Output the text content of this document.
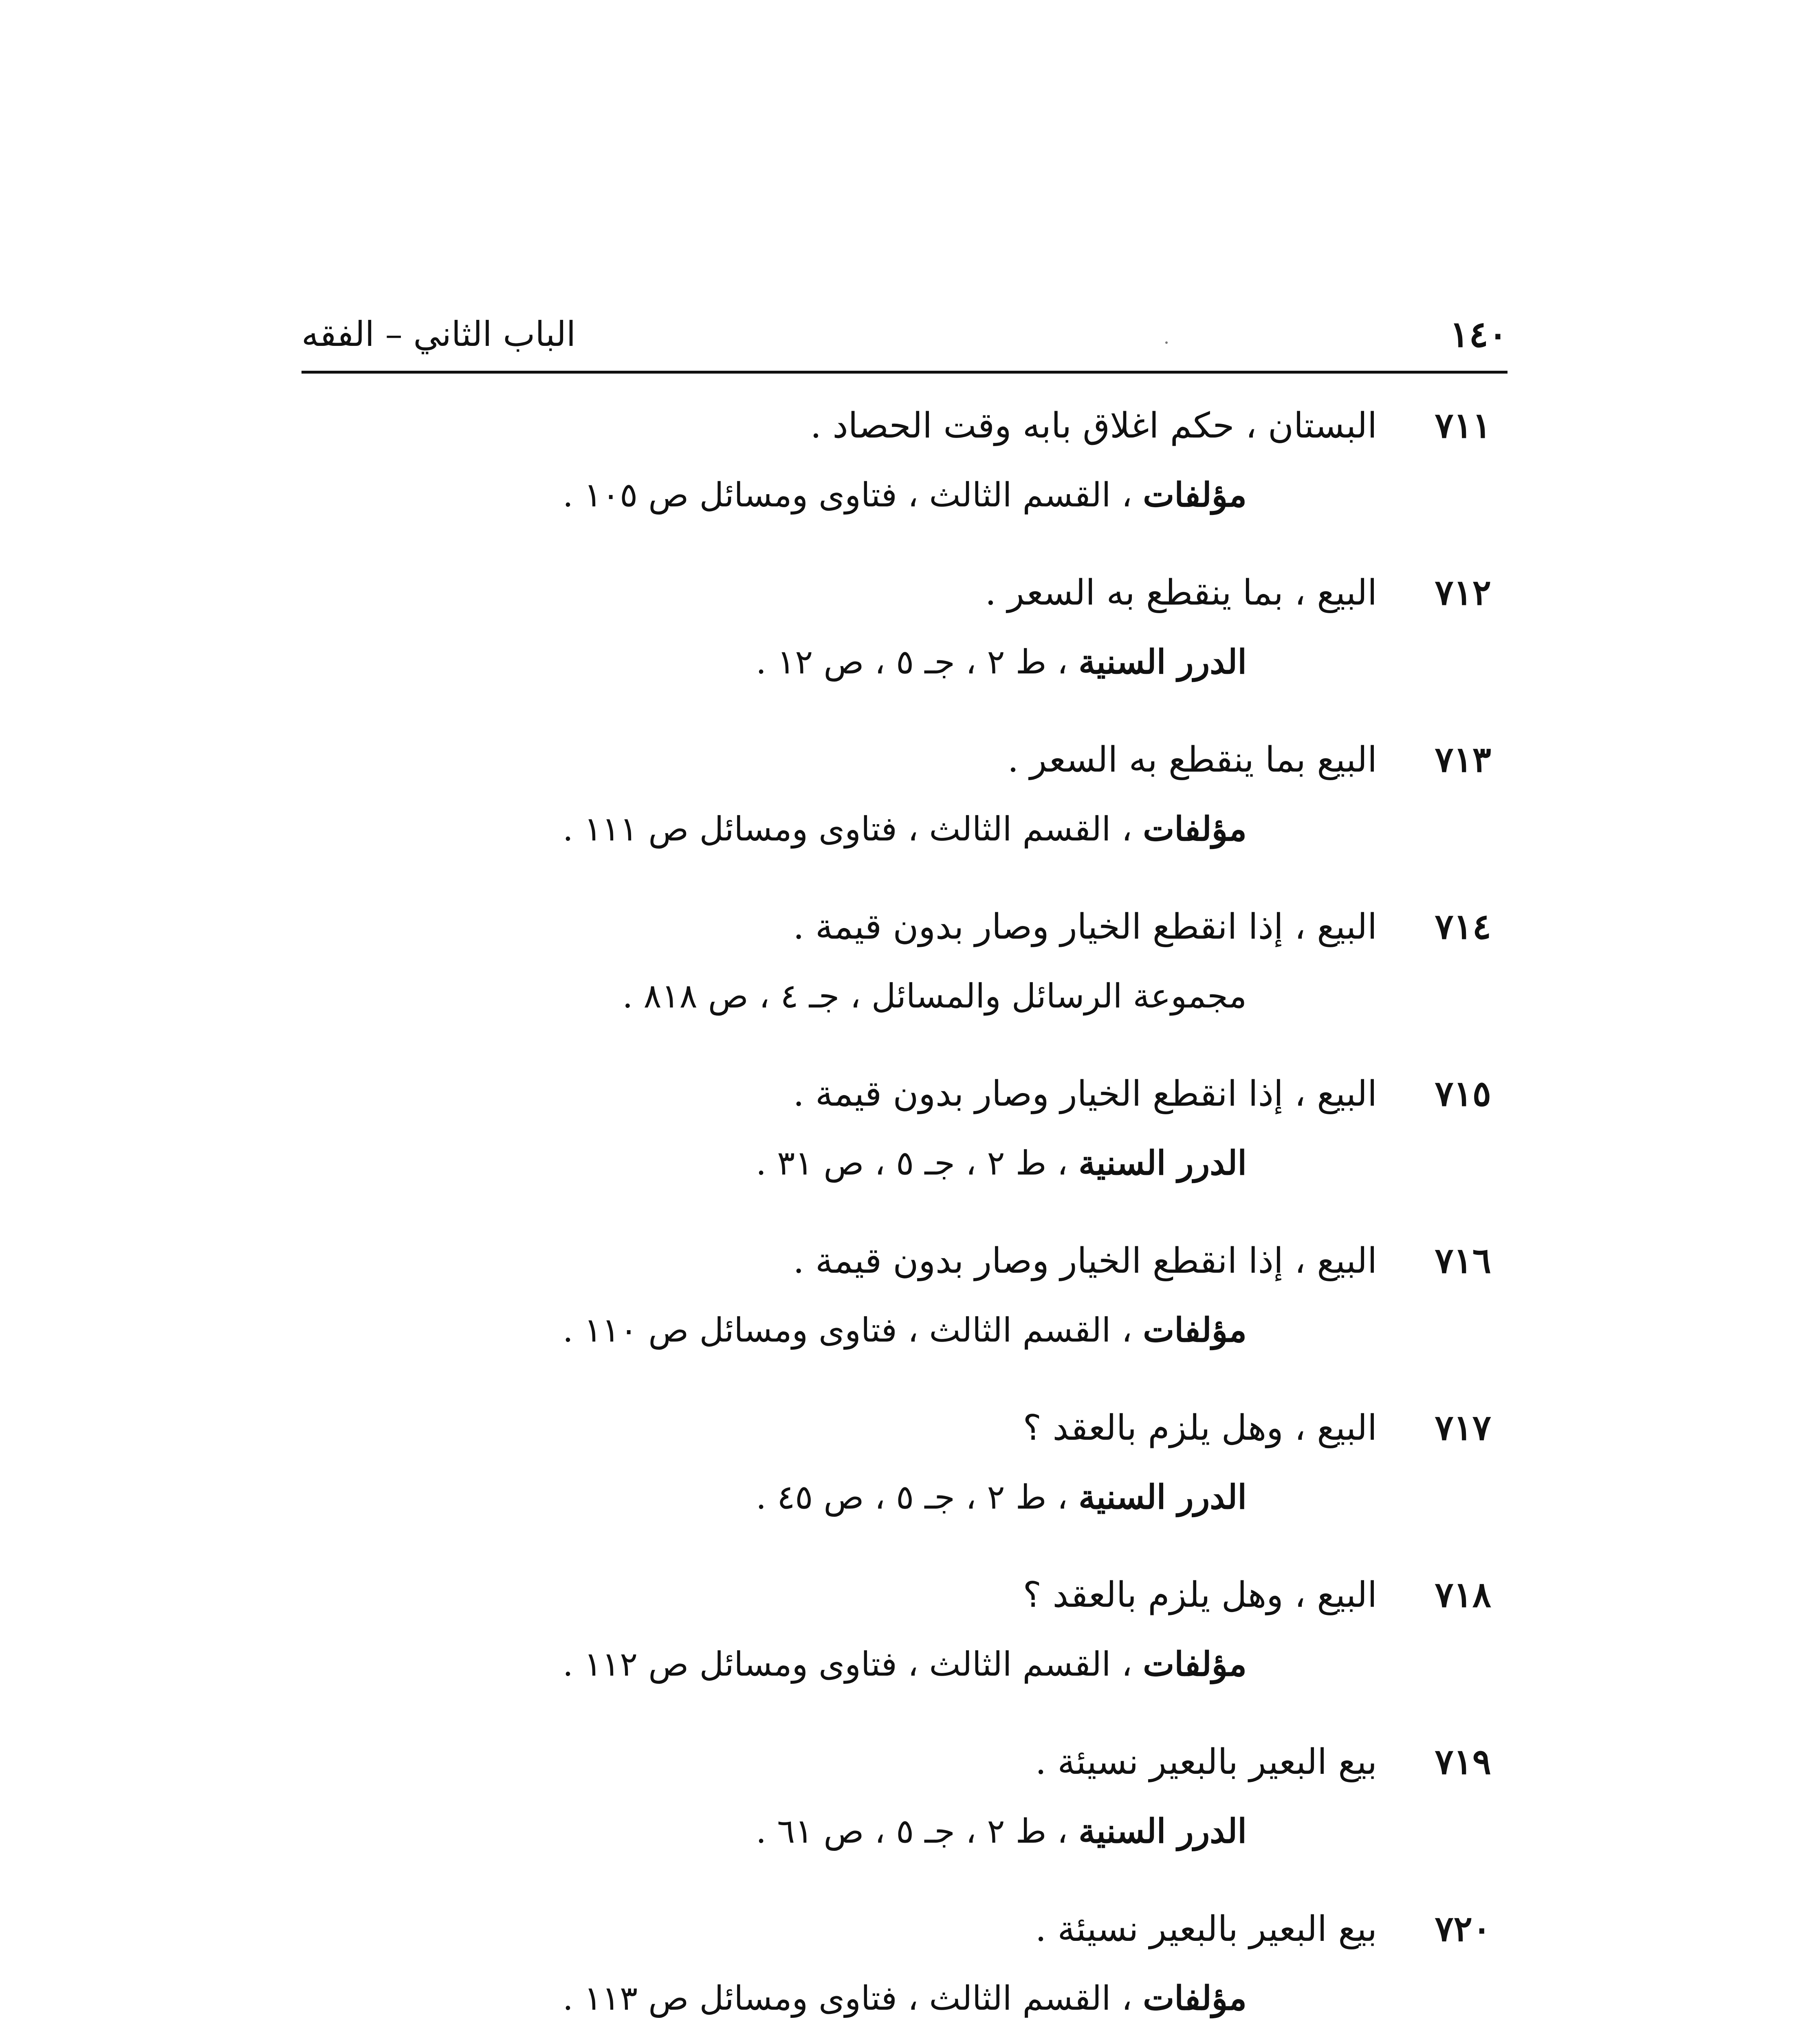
١٤٠
الباب الثاني – الفقه
٧١١
البستان ، حكم اغلاق بابه وقت الحصاد .
مؤلفات ، القسم الثالث ، فتاوى ومسائل ص ١٠٥ .
٧١٢
البيع ، بما ينقطع به السعر .
الدرر السنية ، ط ٢ ، جـ ٥ ، ص ١٢ .
٧١٣
البيع بما ينقطع به السعر .
مؤلفات ، القسم الثالث ، فتاوى ومسائل ص ١١١ .
٧١٤
البيع ، إذا انقطع الخيار وصار بدون قيمة .
مجموعة الرسائل والمسائل ، جـ ٤ ، ص ٨١٨ .
٧١٥
البيع ، إذا انقطع الخيار وصار بدون قيمة .
الدرر السنية ، ط ٢ ، جـ ٥ ، ص ٣١ .
٧١٦
البيع ، إذا انقطع الخيار وصار بدون قيمة .
مؤلفات ، القسم الثالث ، فتاوى ومسائل ص ١١٠ .
٧١٧
البيع ، وهل يلزم بالعقد ؟
الدرر السنية ، ط ٢ ، جـ ٥ ، ص ٤٥ .
٧١٨
البيع ، وهل يلزم بالعقد ؟
مؤلفات ، القسم الثالث ، فتاوى ومسائل ص ١١٢ .
٧١٩
بيع البعير بالبعير نسيئة .
الدرر السنية ، ط ٢ ، جـ ٥ ، ص ٦١ .
٧٢٠
بيع البعير بالبعير نسيئة .
مؤلفات ، القسم الثالث ، فتاوى ومسائل ص ١١٣ .
